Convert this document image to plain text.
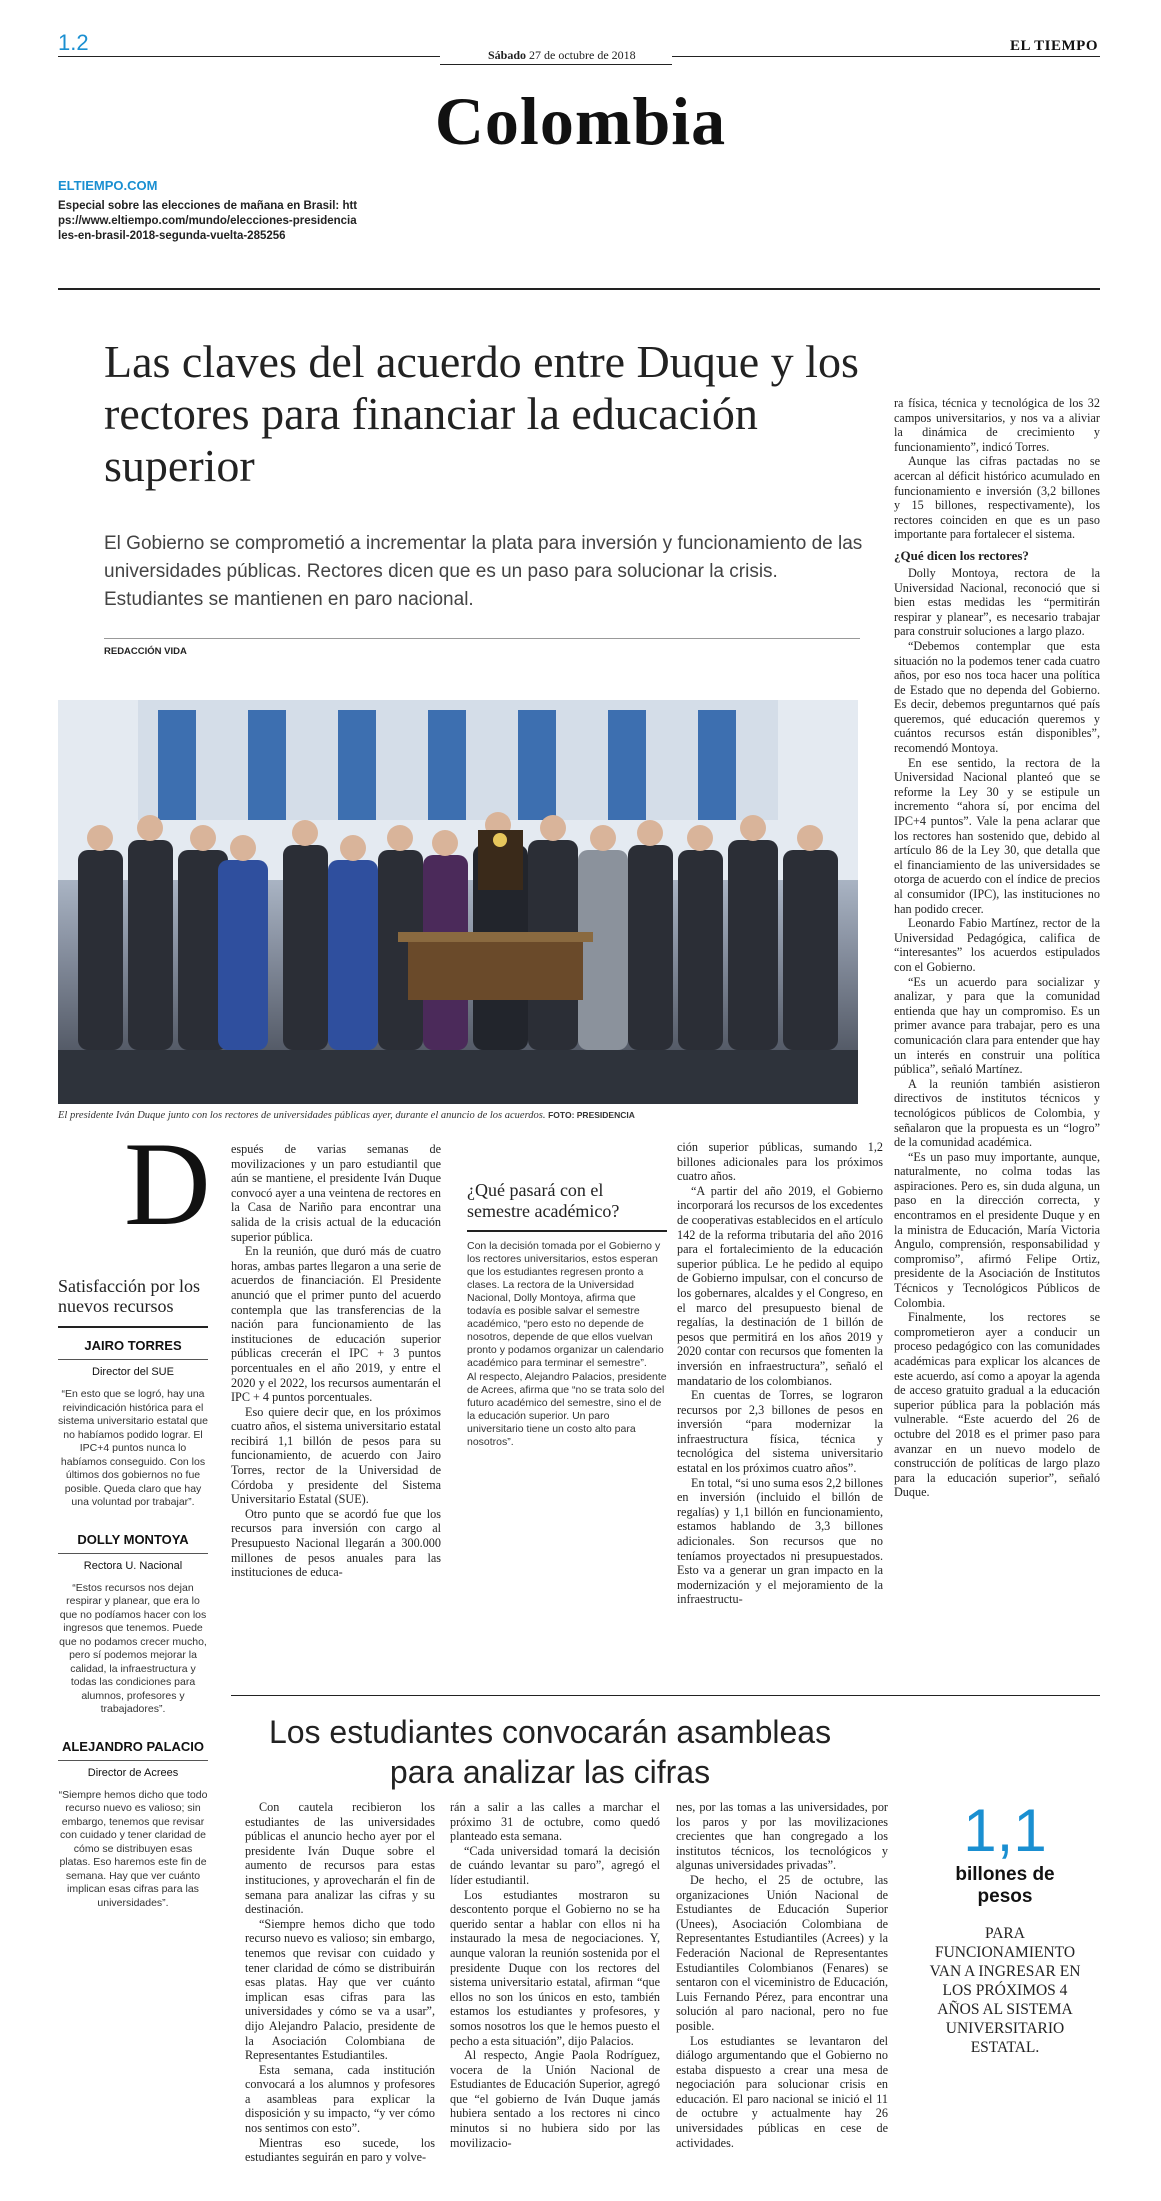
1.2	Sábado 27 de octubre de 2018
EL TIEMPO
Colombia
ELTIEMPO.COM
Especial sobre las elecciones de mañana en Brasil: https://www.eltiempo.com/mundo/elecciones-presidenciales-en-brasil-2018-segunda-vuelta-285256
Las claves del acuerdo entre Duque y los rectores para financiar la educación superior
El Gobierno se comprometió a incrementar la plata para inversión y funcionamiento de las universidades públicas. Rectores dicen que es un paso para solucionar la crisis. Estudiantes se mantienen en paro nacional.
REDACCIÓN VIDA
El presidente Iván Duque junto con los rectores de universidades públicas ayer, durante el anuncio de los acuerdos. FOTO: PRESIDENCIA
D espués de varias semanas de movilizaciones y un paro estudiantil que aún se mantiene, el presidente Iván Duque convocó ayer a una veintena de rectores en la Casa de Nariño para encontrar una salida de la crisis actual de la educación superior pública.

En la reunión, que duró más de cuatro horas, ambas partes llegaron a una serie de acuerdos de financiación. El Presidente anunció que el primer punto del acuerdo contempla que las transferencias de la nación para funcionamiento de las instituciones de educación superior públicas crecerán el IPC + 3 puntos porcentuales en el año 2019, y entre el 2020 y el 2022, los recursos aumentarán el IPC + 4 puntos porcentuales.

Eso quiere decir que, en los próximos cuatro años, el sistema universitario estatal recibirá 1,1 billón de pesos para su funcionamiento, de acuerdo con Jairo Torres, rector de la Universidad de Córdoba y presidente del Sistema Universitario Estatal (SUE).

Otro punto que se acordó fue que los recursos para inversión con cargo al Presupuesto Nacional llegarán a 300.000 millones de pesos anuales para las instituciones de educa-

¿Qué pasará con el semestre académico?
Con la decisión tomada por el Gobierno y los rectores universitarios, estos esperan que los estudiantes regresen pronto a clases. La rectora de la Universidad Nacional, Dolly Montoya, afirma que todavía es posible salvar el semestre académico, “pero esto no depende de nosotros, depende de que ellos vuelvan pronto y podamos organizar un calendario académico para terminar el semestre”.
Al respecto, Alejandro Palacios, presidente de Acrees, afirma que “no se trata solo del futuro académico del semestre, sino el de la educación superior. Un paro universitario tiene un costo alto para nosotros”.

ción superior públicas, sumando 1,2 billones adicionales para los próximos cuatro años.

“A partir del año 2019, el Gobierno incorporará los recursos de los excedentes de cooperativas establecidos en el artículo 142 de la reforma tributaria del año 2016 para el fortalecimiento de la educación superior pública. Le he pedido al equipo de Gobierno impulsar, con el concurso de los gobernares, alcaldes y el Congreso, en el marco del presupuesto bienal de regalías, la destinación de 1 billón de pesos que permitirá en los años 2019 y 2020 contar con recursos que fomenten la inversión en infraestructura”, señaló el mandatario de los colombianos.

En cuentas de Torres, se lograron recursos por 2,3 billones de pesos en inversión “para modernizar la infraestructura física, técnica y tecnológica del sistema universitario estatal en los próximos cuatro años”.

En total, “si uno suma esos 2,2 billones en inversión (incluido el billón de regalías) y 1,1 billón en funcionamiento, estamos hablando de 3,3 billones adicionales. Son recursos que no teníamos proyectados ni presupuestados. Esto va a generar un gran impacto en la modernización y el mejoramiento de la infraestructu-

ra física, técnica y tecnológica de los 32 campos universitarios, y nos va a aliviar la dinámica de crecimiento y funcionamiento”, indicó Torres.

Aunque las cifras pactadas no se acercan al déficit histórico acumulado en funcionamiento e inversión (3,2 billones y 15 billones, respectivamente), los rectores coinciden en que es un paso importante para fortalecer el sistema.

¿Qué dicen los rectores?

Dolly Montoya, rectora de la Universidad Nacional, reconoció que si bien estas medidas les “permitirán respirar y planear”, es necesario trabajar para construir soluciones a largo plazo.

“Debemos contemplar que esta situación no la podemos tener cada cuatro años, por eso nos toca hacer una política de Estado que no dependa del Gobierno. Es decir, debemos preguntarnos qué país queremos, qué educación queremos y cuántos recursos están disponibles”, recomendó Montoya.

En ese sentido, la rectora de la Universidad Nacional planteó que se reforme la Ley 30 y se estipule un incremento “ahora sí, por encima del IPC+4 puntos”. Vale la pena aclarar que los rectores han sostenido que, debido al artículo 86 de la Ley 30, que detalla que el financiamiento de las universidades se otorga de acuerdo con el índice de precios al consumidor (IPC), las instituciones no han podido crecer.

Leonardo Fabio Martínez, rector de la Universidad Pedagógica, califica de “interesantes” los acuerdos estipulados con el Gobierno.

“Es un acuerdo para socializar y analizar, y para que la comunidad entienda que hay un compromiso. Es un primer avance para trabajar, pero es una comunicación clara para entender que hay un interés en construir una política pública”, señaló Martínez.

A la reunión también asistieron directivos de institutos técnicos y tecnológicos públicos de Colombia, y señalaron que la propuesta es un “logro” de la comunidad académica.

“Es un paso muy importante, aunque, naturalmente, no colma todas las aspiraciones. Pero es, sin duda alguna, un paso en la dirección correcta, y encontramos en el presidente Duque y en la ministra de Educación, María Victoria Angulo, comprensión, responsabilidad y compromiso”, afirmó Felipe Ortiz, presidente de la Asociación de Institutos Técnicos y Tecnológicos Públicos de Colombia.

Finalmente, los rectores se comprometieron ayer a conducir un proceso pedagógico con las comunidades académicas para explicar los alcances de este acuerdo, así como a apoyar la agenda de acceso gratuito gradual a la educación superior pública para la población más vulnerable. “Este acuerdo del 26 de octubre del 2018 es el primer paso para avanzar en un nuevo modelo de construcción de políticas de largo plazo para la educación superior”, señaló Duque.

Satisfacción por los nuevos recursos
JAIRO TORRES
Director del SUE
“En esto que se logró, hay una reivindicación histórica para el sistema universitario estatal que no habíamos podido lograr. El IPC+4 puntos nunca lo habíamos conseguido. Con los últimos dos gobiernos no fue posible. Queda claro que hay una voluntad por trabajar”.
DOLLY MONTOYA
Rectora U. Nacional
“Estos recursos nos dejan respirar y planear, que era lo que no podíamos hacer con los ingresos que tenemos. Puede que no podamos crecer mucho, pero sí podemos mejorar la calidad, la infraestructura y todas las condiciones para alumnos, profesores y trabajadores”.
ALEJANDRO PALACIO
Director de Acrees
“Siempre hemos dicho que todo recurso nuevo es valioso; sin embargo, tenemos que revisar con cuidado y tener claridad de cómo se distribuyen esas platas. Eso haremos este fin de semana. Hay que ver cuánto implican esas cifras para las universidades”.
Los estudiantes convocarán asambleas para analizar las cifras

Con cautela recibieron los estudiantes de las universidades públicas el anuncio hecho ayer por el presidente Iván Duque sobre el aumento de recursos para estas instituciones, y aprovecharán el fin de semana para analizar las cifras y su destinación.

“Siempre hemos dicho que todo recurso nuevo es valioso; sin embargo, tenemos que revisar con cuidado y tener claridad de cómo se distribuirán esas platas. Hay que ver cuánto implican esas cifras para las universidades y cómo se va a usar”, dijo Alejandro Palacio, presidente de la Asociación Colombiana de Representantes Estudiantiles.

Esta semana, cada institución convocará a los alumnos y profesores a asambleas para explicar la disposición y su impacto, “y ver cómo nos sentimos con esto”.

Mientras eso sucede, los estudiantes seguirán en paro y volve-

rán a salir a las calles a marchar el próximo 31 de octubre, como quedó planteado esta semana.

“Cada universidad tomará la decisión de cuándo levantar su paro”, agregó el líder estudiantil.

Los estudiantes mostraron su descontento porque el Gobierno no se ha querido sentar a hablar con ellos ni ha instaurado la mesa de negociaciones. Y, aunque valoran la reunión sostenida por el presidente Duque con los rectores del sistema universitario estatal, afirman “que ellos no son los únicos en esto, también estamos los estudiantes y profesores, y somos nosotros los que le hemos puesto el pecho a esta situación”, dijo Palacios.

Al respecto, Angie Paola Rodríguez, vocera de la Unión Nacional de Estudiantes de Educación Superior, agregó que “el gobierno de Iván Duque jamás hubiera sentado a los rectores ni cinco minutos si no hubiera sido por las movilizacio-

nes, por las tomas a las universidades, por los paros y por las movilizaciones crecientes que han congregado a los institutos técnicos, los tecnológicos y algunas universidades privadas”.

De hecho, el 25 de octubre, las organizaciones Unión Nacional de Estudiantes de Educación Superior (Unees), Asociación Colombiana de Representantes Estudiantiles (Acrees) y la Federación Nacional de Representantes Estudiantiles Colombianos (Fenares) se sentaron con el viceministro de Educación, Luis Fernando Pérez, para encontrar una solución al paro nacional, pero no fue posible.

Los estudiantes se levantaron del diálogo argumentando que el Gobierno no estaba dispuesto a crear una mesa de negociación para solucionar crisis en educación. El paro nacional se inició el 11 de octubre y actualmente hay 26 universidades públicas en cese de actividades.

1,1
billones de pesos
PARA FUNCIONAMIENTO VAN A INGRESAR EN LOS PRÓXIMOS 4 AÑOS AL SISTEMA UNIVERSITARIO ESTATAL.
